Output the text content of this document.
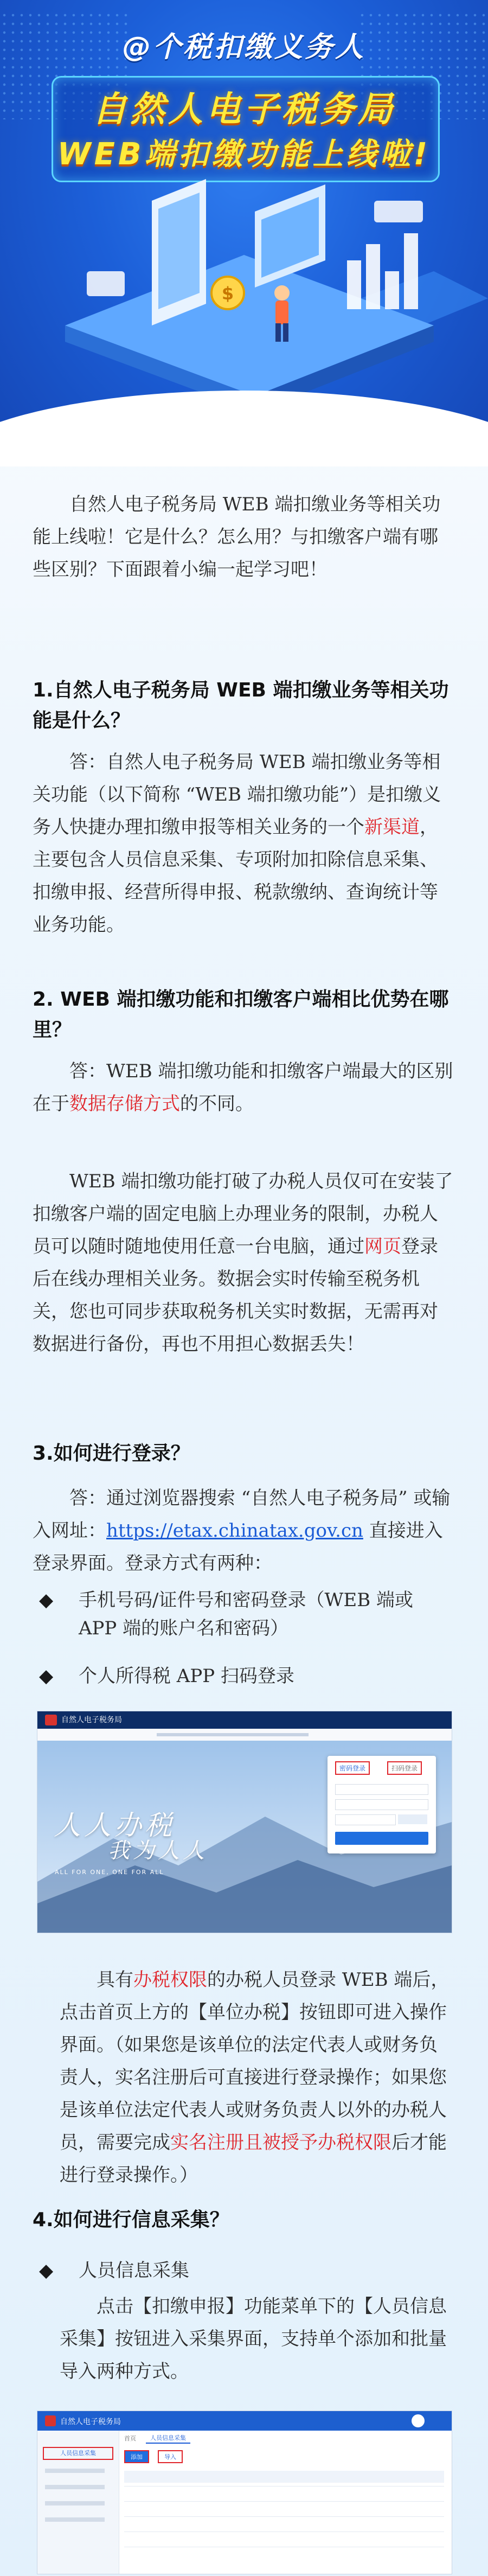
@个税扣缴义务人
自然人电子税务局
WEB端扣缴功能上线啦!
$

自然人电子税务局 WEB 端扣缴业务等相关功能上线啦！它是什么？怎么用？与扣缴客户端有哪些区别？下面跟着小编一起学习吧！

1.自然人电子税务局 WEB 端扣缴业务等相关功能是什么？

答：自然人电子税务局 WEB 端扣缴业务等相关功能（以下简称 “WEB 端扣缴功能”）是扣缴义务人快捷办理扣缴申报等相关业务的一个新渠道，主要包含人员信息采集、专项附加扣除信息采集、扣缴申报、经营所得申报、税款缴纳、查询统计等业务功能。

2. WEB 端扣缴功能和扣缴客户端相比优势在哪里？

答：WEB 端扣缴功能和扣缴客户端最大的区别在于数据存储方式的不同。

WEB 端扣缴功能打破了办税人员仅可在安装了扣缴客户端的固定电脑上办理业务的限制，办税人员可以随时随地使用任意一台电脑，通过网页登录后在线办理相关业务。数据会实时传输至税务机关，您也可同步获取税务机关实时数据，无需再对数据进行备份，再也不用担心数据丢失！

3.如何进行登录？

答：通过浏览器搜索 “自然人电子税务局” 或输入网址：https://etax.chinatax.gov.cn 直接进入登录界面。登录方式有两种：

◆ 手机号码/证件号和密码登录（WEB 端或 APP 端的账户名和密码）
◆ 个人所得税 APP 扫码登录
自然人电子税务局
人人办税
我为人人
ALL FOR ONE, ONE FOR ALL
密码登录	扫码登录

具有办税权限的办税人员登录 WEB 端后，点击首页上方的【单位办税】按钮即可进入操作界面。（如果您是该单位的法定代表人或财务负责人，实名注册后可直接进行登录操作；如果您是该单位法定代表人或财务负责人以外的办税人员，需要完成实名注册且被授予办税权限后才能进行登录操作。）

4.如何进行信息采集？
◆ 人员信息采集

点击【扣缴申报】功能菜单下的【人员信息采集】按钮进入采集界面，支持单个添加和批量导入两种方式。

自然人电子税务局
人员信息采集
首页	人员信息采集
添加	导入
